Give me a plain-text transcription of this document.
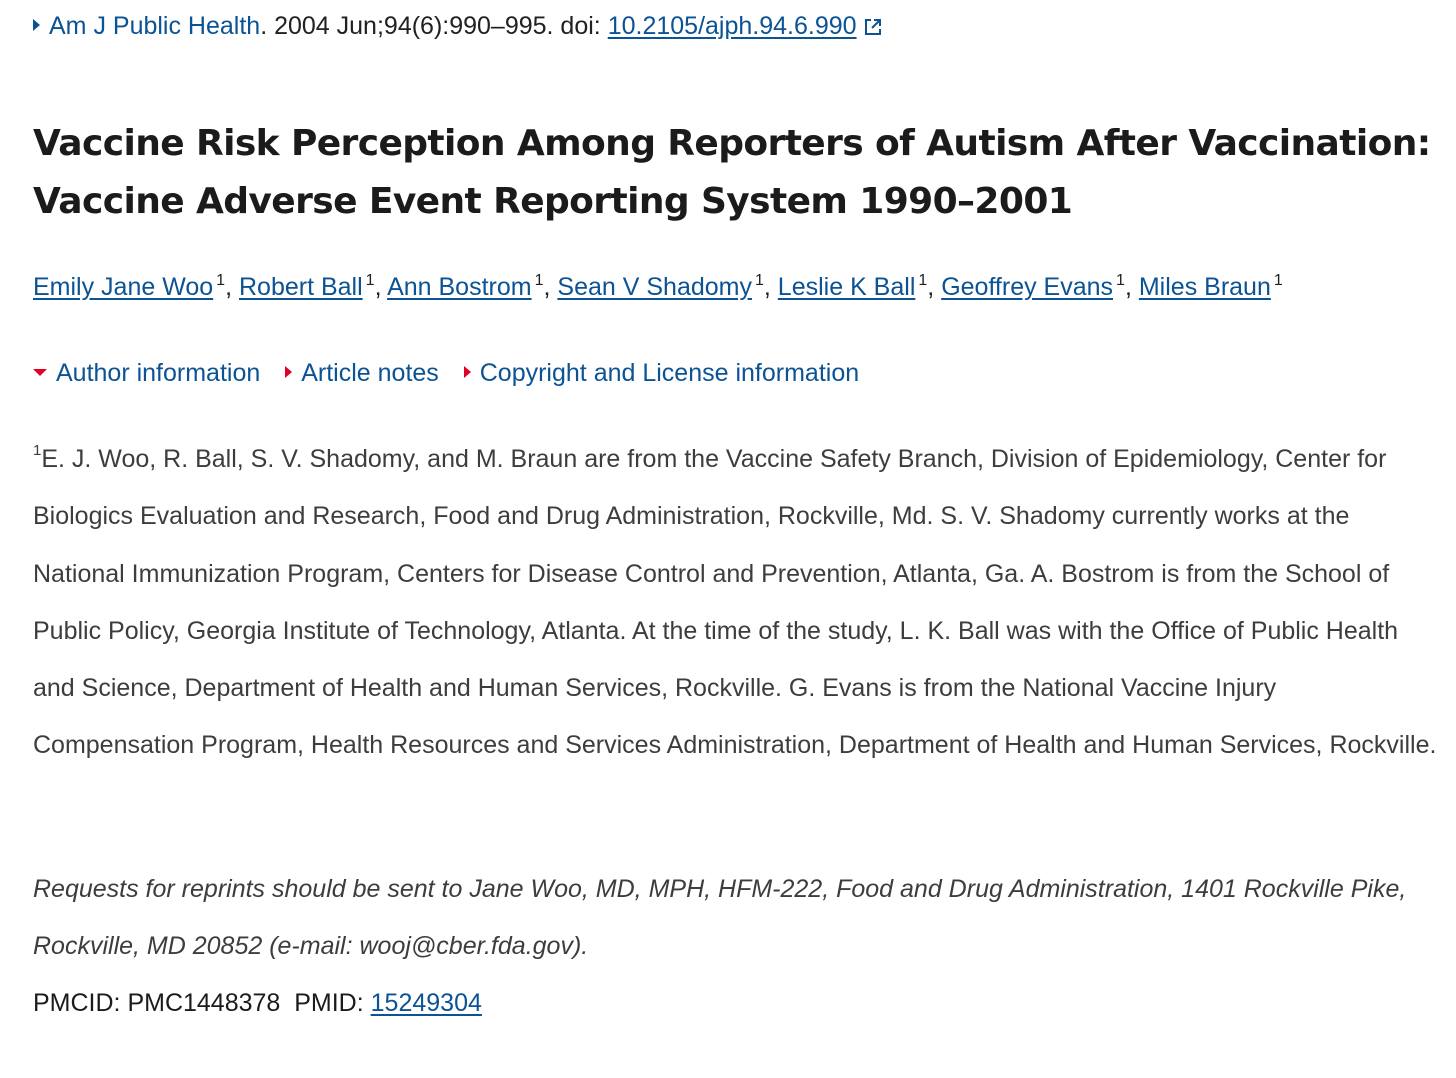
Am J Public Health. 2004 Jun;94(6):990–995. doi: 10.2105/ajph.94.6.990
Vaccine Risk Perception Among Reporters of Autism After Vaccination: Vaccine Adverse Event Reporting System 1990–2001
Emily Jane Woo $^1$, Robert Ball $^1$, Ann Bostrom $^1$, Sean V Shadomy $^1$, Leslie K Ball $^1$, Geoffrey Evans $^1$, Miles Braun $^1$
Author information Article notes Copyright and License information

$^1$E. J. Woo, R. Ball, S. V. Shadomy, and M. Braun are from the Vaccine Safety Branch, Division of Epidemiology, Center for Biologics Evaluation and Research, Food and Drug Administration, Rockville, Md. S. V. Shadomy currently works at the National Immunization Program, Centers for Disease Control and Prevention, Atlanta, Ga. A. Bostrom is from the School of Public Policy, Georgia Institute of Technology, Atlanta. At the time of the study, L. K. Ball was with the Office of Public Health and Science, Department of Health and Human Services, Rockville. G. Evans is from the National Vaccine Injury Compensation Program, Health Resources and Services Administration, Department of Health and Human Services, Rockville.

Requests for reprints should be sent to Jane Woo, MD, MPH, HFM-222, Food and Drug Administration, 1401 Rockville Pike, Rockville, MD 20852 (e-mail: wooj@cber.fda.gov).

PMCID: PMC1448378 PMID: 15249304
